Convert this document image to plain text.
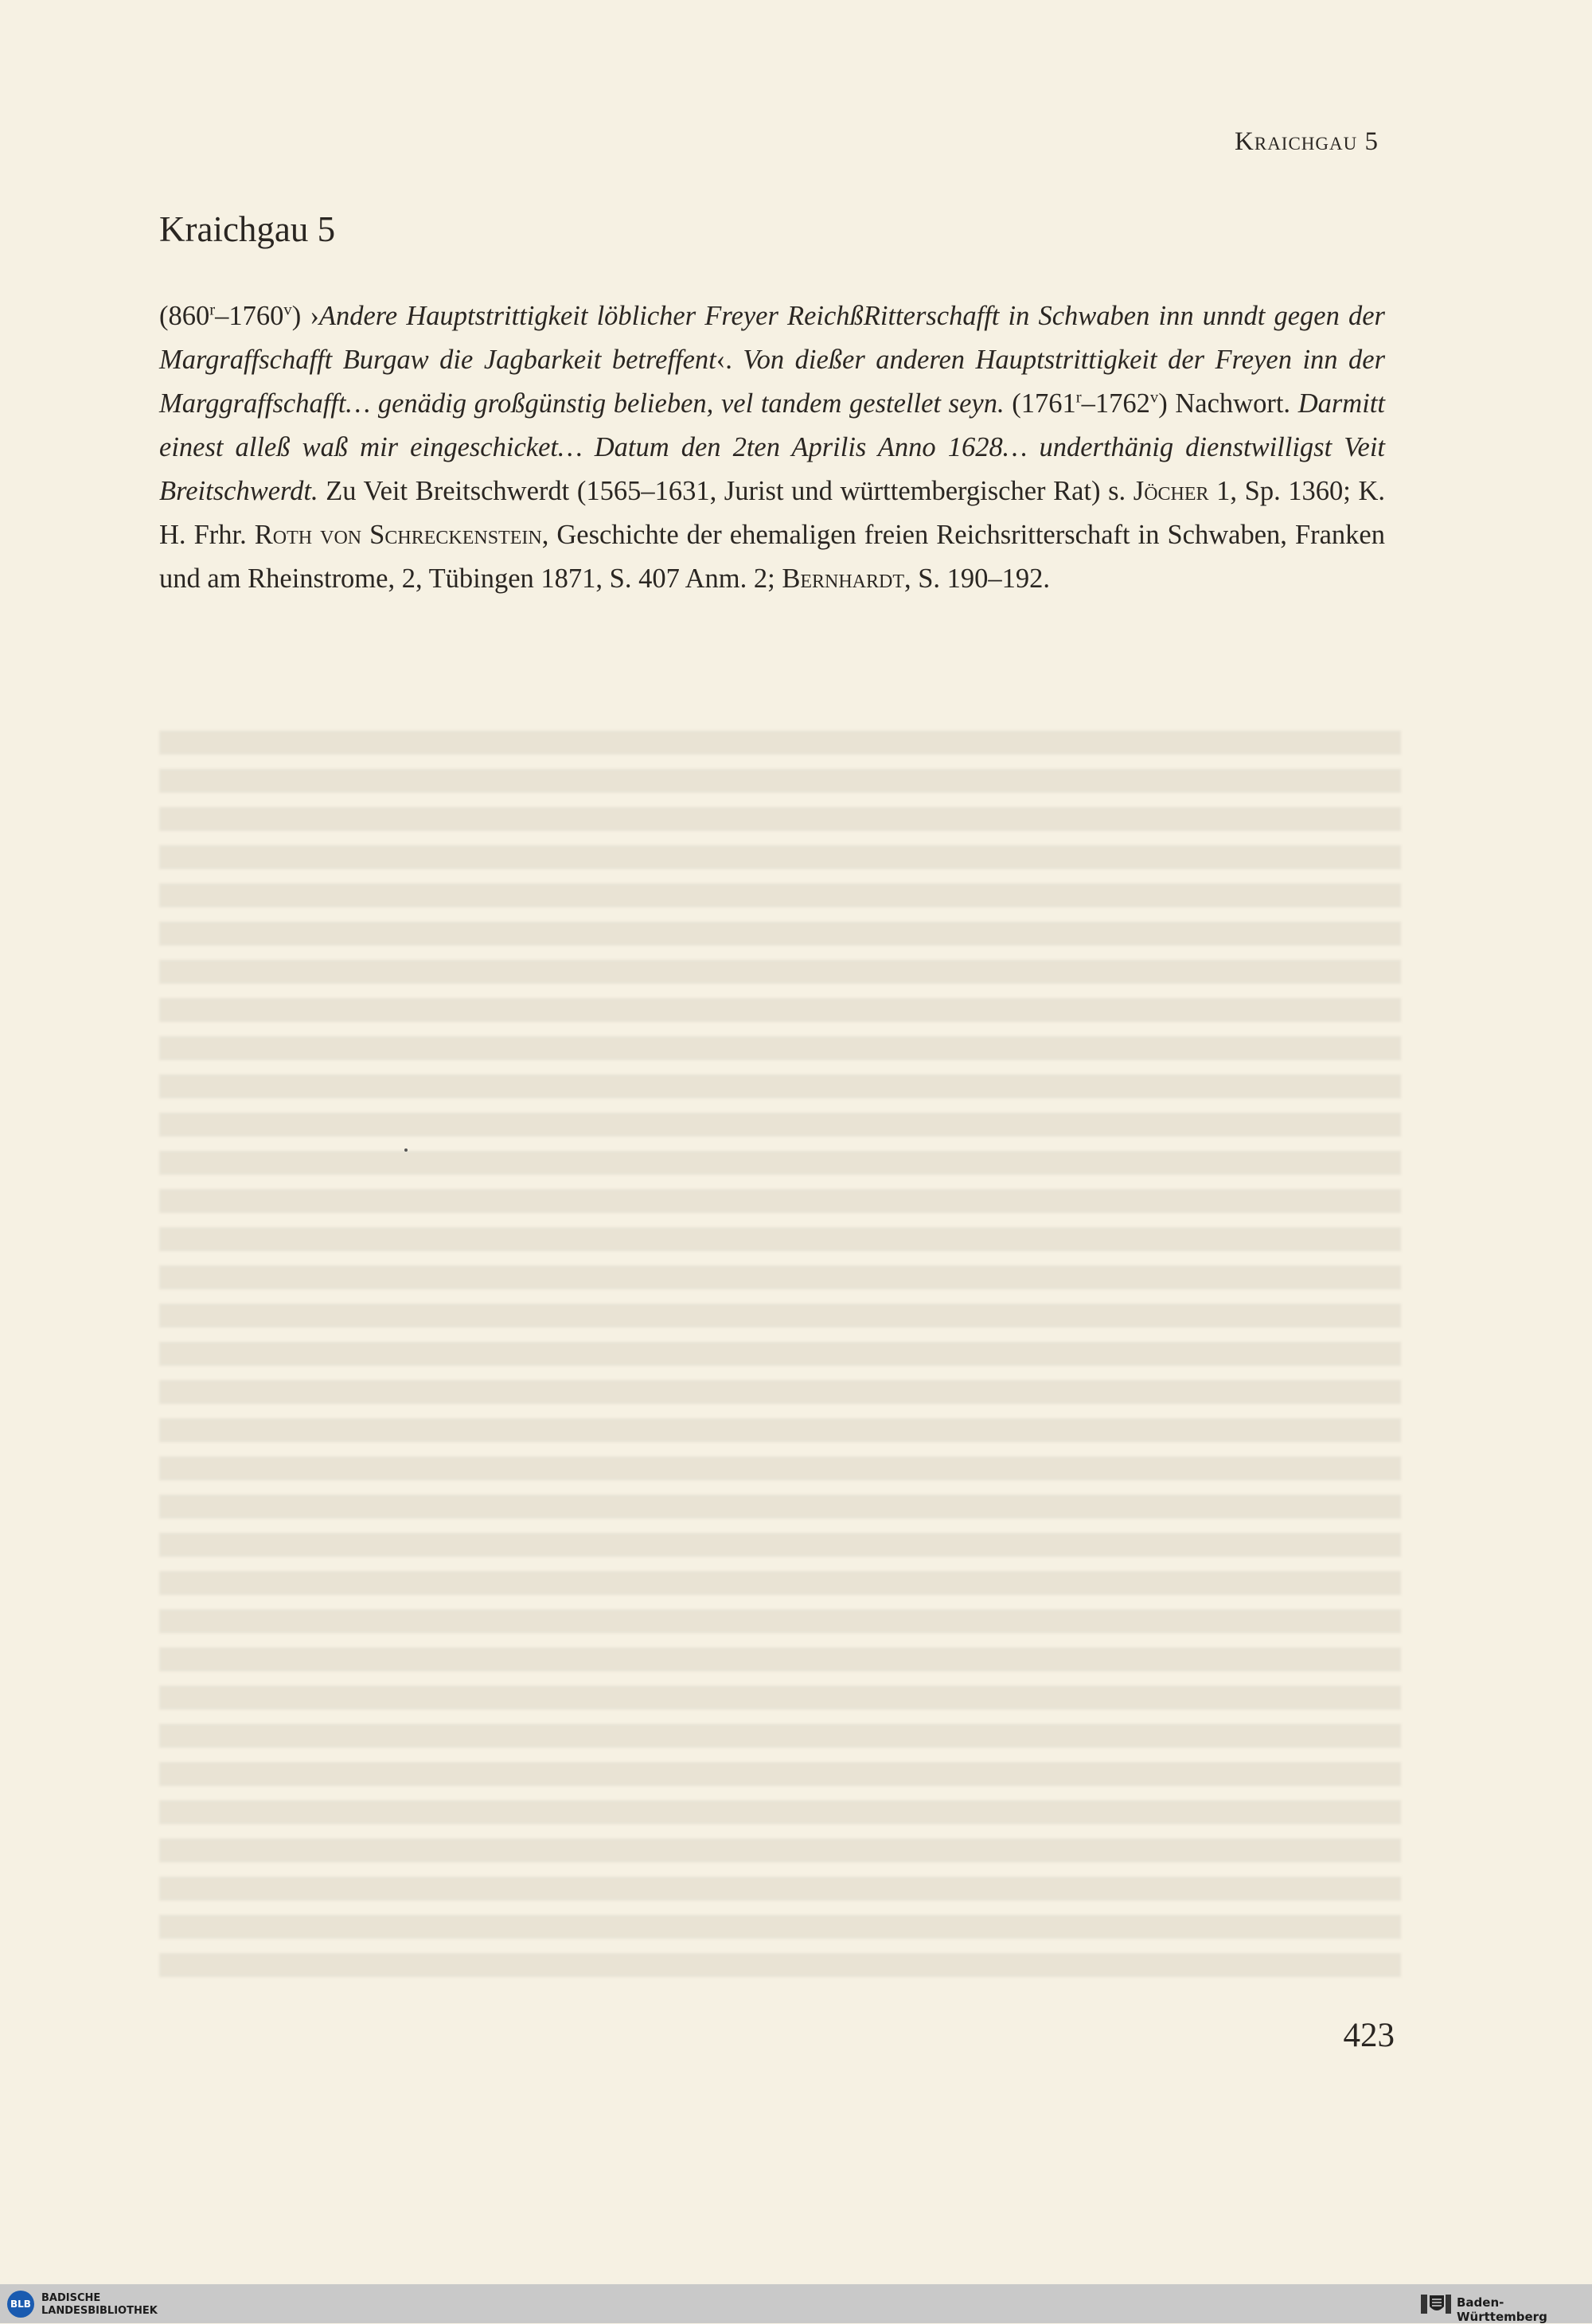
Kraichgau 5
Kraichgau 5

(860$^r$–1760$^v$) ›Andere Hauptstrittigkeit löblicher Freyer ReichßRitterschafft in Schwaben inn unndt gegen der Margraffschafft Burgaw die Jagbarkeit betreffent‹. Von dießer anderen Hauptstrittigkeit der Freyen inn der Marggraffschafft… genädig großgünstig belieben, vel tandem gestellet seyn. (1761$^r$–1762$^v$) Nachwort. Darmitt einest alleß waß mir eingeschicket… Datum den 2ten Aprilis Anno 1628… underthänig dienstwilligst Veit Breitschwerdt. Zu Veit Breitschwerdt (1565–1631, Jurist und württembergischer Rat) s. Jöcher 1, Sp. 1360; K. H. Frhr. Roth von Schreckenstein, Geschichte der ehemaligen freien Reichsritterschaft in Schwaben, Franken und am Rheinstrome, 2, Tübingen 1871, S. 407 Anm. 2; Bernhardt, S. 190–192.

423
BLB	BADISCHE
LANDESBIBLIOTHEK
Baden-Württemberg
